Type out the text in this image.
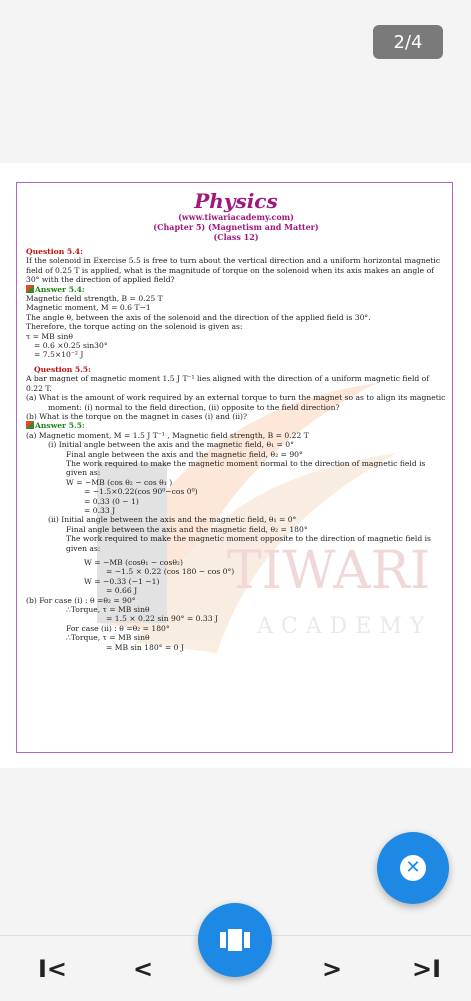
2/4
TIWARI
ACADEMY
Physics
(www.tiwariacademy.com)
(Chapter 5) (Magnetism and Matter)
(Class 12)
Question 5.4:
If the solenoid in Exercise 5.5 is free to turn about the vertical direction and a uniform horizontal magnetic
field of 0.25 T is applied, what is the magnitude of torque on the solenoid when its axis makes an angle of
30° with the direction of applied field?
Answer 5.4:
Magnetic field strength, B = 0.25 T
Magnetic moment, M = 0.6 T−1
The angle θ, between the axis of the solenoid and the direction of the applied field is 30°.
Therefore, the torque acting on the solenoid is given as:
τ = MB sinθ
= 0.6 ×0.25 sin30°
= 7.5×10⁻² J
Question 5.5:
A bar magnet of magnetic moment 1.5 J T⁻¹ lies aligned with the direction of a uniform magnetic field of
0.22 T.
(a) What is the amount of work required by an external torque to turn the magnet so as to align its magnetic
moment: (i) normal to the field direction, (ii) opposite to the field direction?
(b) What is the torque on the magnet in cases (i) and (ii)?
Answer 5.5:
(a) Magnetic moment, M = 1.5 J T⁻¹ , Magnetic field strength, B = 0.22 T
(i) Initial angle between the axis and the magnetic field, θ₁ = 0°
Final angle between the axis and the magnetic field, θ₂ = 90°
The work required to make the magnetic moment normal to the direction of magnetic field is
given as:
W = −MB (cos θ₂ − cos θ₁ )
= −1.5×0.22(cos 90⁰−cos 0⁰)
= 0.33 (0 − 1)
= 0.33 J
(ii) Initial angle between the axis and the magnetic field, θ₁ = 0°
Final angle between the axis and the magnetic field, θ₂ = 180°
The work required to make the magnetic moment opposite to the direction of magnetic field is
given as:
W = −MB (cosθ₁ − cosθ₂)
= −1.5 × 0.22 (cos 180 − cos 0°)
W = −0.33 (−1 −1)
= 0.66 J
(b) For case (i) : θ =θ₂ = 90°
∴Torque, τ = MB sinθ
= 1.5 × 0.22 sin 90° = 0.33 J
For case (ii) : θ =θ₂ = 180°
∴Torque, τ = MB sinθ
= MB sin 180° = 0 J
✕
I<	<	>	>I
